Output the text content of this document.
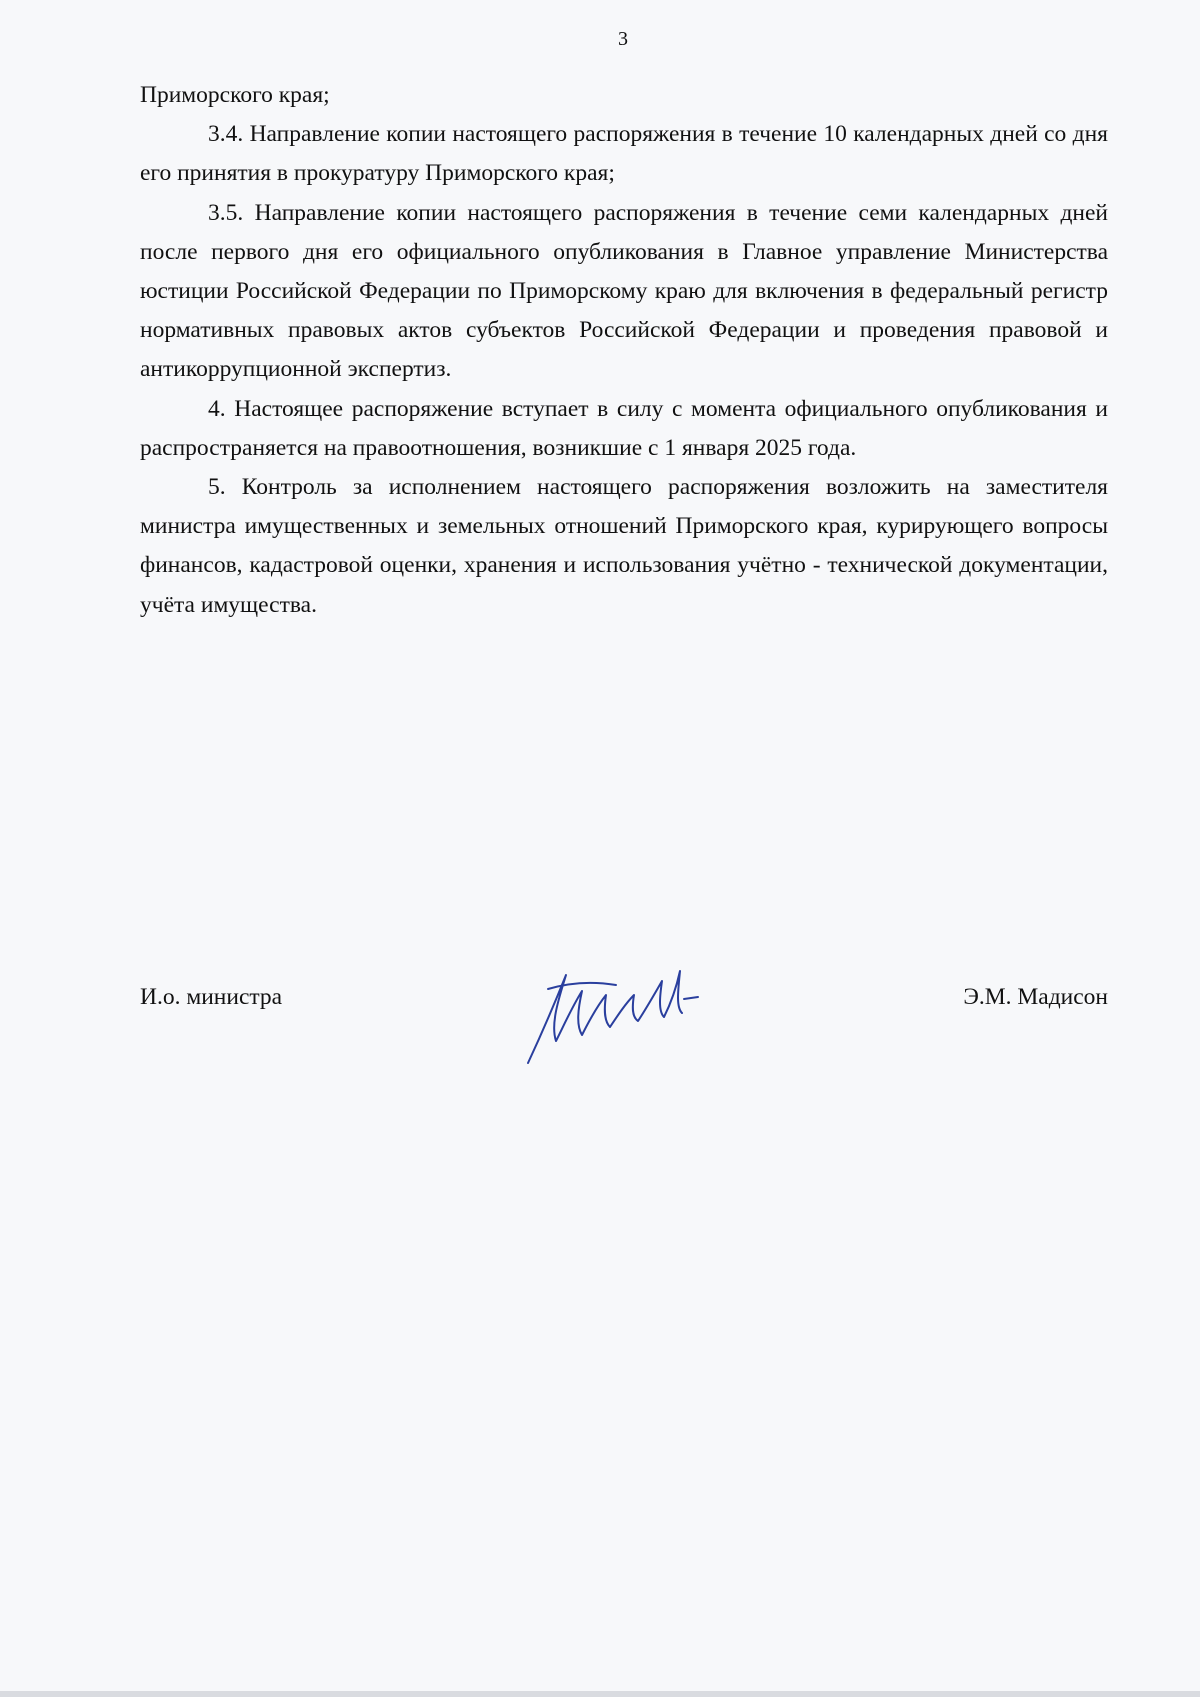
3

Приморского края;

3.4. Направление копии настоящего распоряжения в течение 10 календарных дней со дня его принятия в прокуратуру Приморского края;

3.5. Направление копии настоящего распоряжения в течение семи календарных дней после первого дня его официального опубликования в Главное управление Министерства юстиции Российской Федерации по Приморскому краю для включения в федеральный регистр нормативных правовых актов субъектов Российской Федерации и проведения правовой и антикоррупционной экспертиз.

4. Настоящее распоряжение вступает в силу с момента официального опубликования и распространяется на правоотношения, возникшие с 1 января 2025 года.

5. Контроль за исполнением настоящего распоряжения возложить на заместителя министра имущественных и земельных отношений Приморского края, курирующего вопросы финансов, кадастровой оценки, хранения и использования учётно - технической документации, учёта имущества.

И.о. министра	Э.М. Мадисон
